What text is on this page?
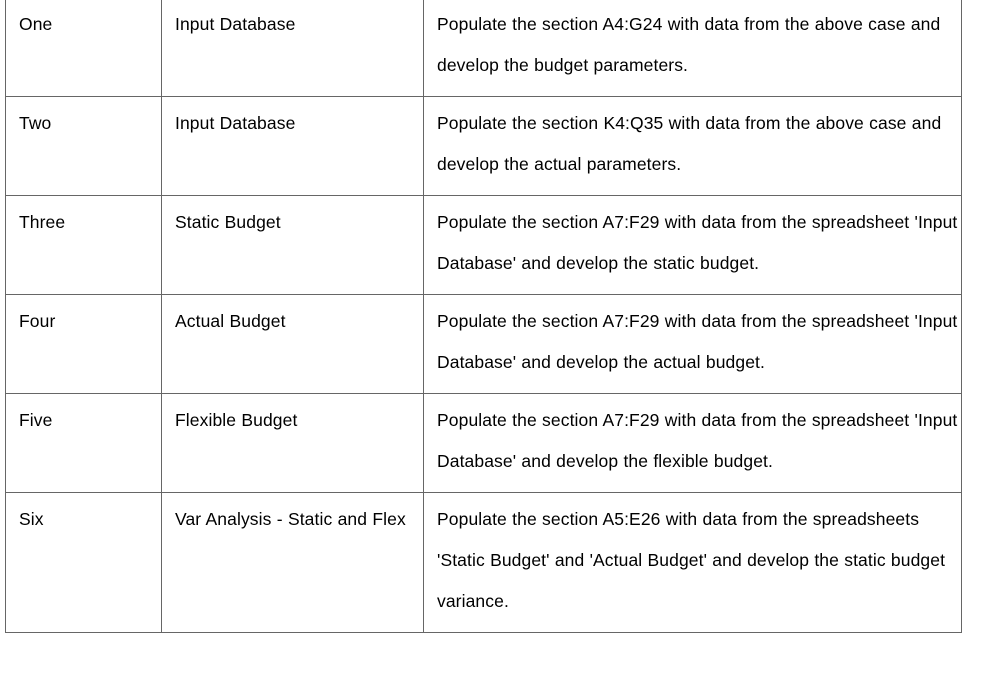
One	Input Database	Populate the section A4:G24 with data from the above case and develop the budget parameters.

Two	Input Database	Populate the section K4:Q35 with data from the above case and develop the actual parameters.

Three	Static Budget	Populate the section A7:F29 with data from the spreadsheet 'Input Database' and develop the static budget.

Four	Actual Budget	Populate the section A7:F29 with data from the spreadsheet 'Input Database' and develop the actual budget.

Five	Flexible Budget	Populate the section A7:F29 with data from the spreadsheet 'Input Database' and develop the flexible budget.

Six	Var Analysis - Static and Flex	Populate the section A5:E26 with data from the spreadsheets 'Static Budget' and 'Actual Budget' and develop the static budget variance.
